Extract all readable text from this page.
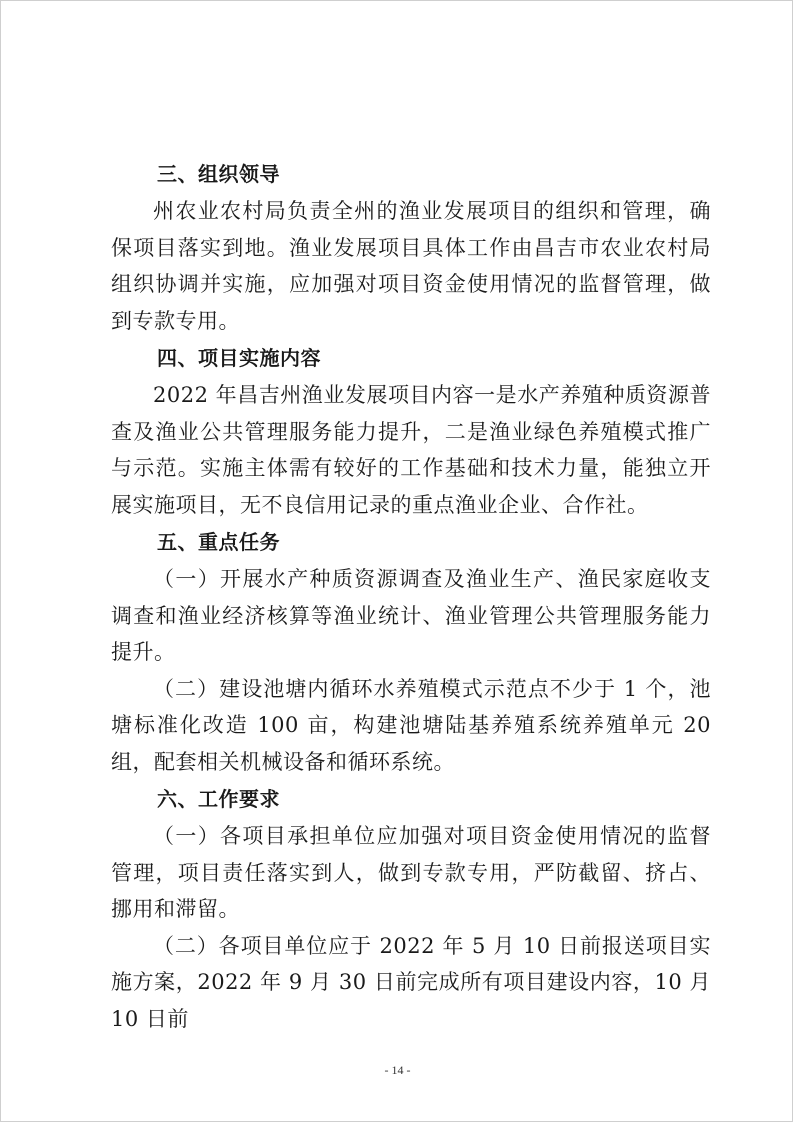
三、组织领导

州农业农村局负责全州的渔业发展项目的组织和管理，确保项目落实到地。渔业发展项目具体工作由昌吉市农业农村局组织协调并实施，应加强对项目资金使用情况的监督管理，做到专款专用。

四、项目实施内容

2022 年昌吉州渔业发展项目内容一是水产养殖种质资源普查及渔业公共管理服务能力提升，二是渔业绿色养殖模式推广与示范。实施主体需有较好的工作基础和技术力量，能独立开展实施项目，无不良信用记录的重点渔业企业、合作社。

五、重点任务

（一）开展水产种质资源调查及渔业生产、渔民家庭收支调查和渔业经济核算等渔业统计、渔业管理公共管理服务能力提升。

（二）建设池塘内循环水养殖模式示范点不少于 1 个，池塘标准化改造 100 亩，构建池塘陆基养殖系统养殖单元 20 组，配套相关机械设备和循环系统。

六、工作要求

（一）各项目承担单位应加强对项目资金使用情况的监督管理，项目责任落实到人，做到专款专用，严防截留、挤占、挪用和滞留。

（二）各项目单位应于 2022 年 5 月 10 日前报送项目实施方案，2022 年 9 月 30 日前完成所有项目建设内容，10 月 10 日前

- 14 -
